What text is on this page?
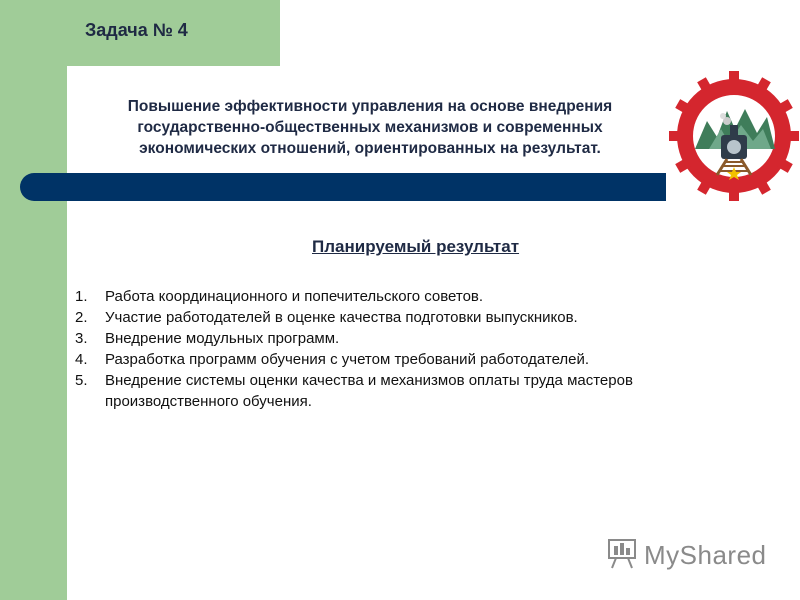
Задача № 4
Повышение эффективности управления на основе внедрения государственно-общественных механизмов и современных экономических отношений, ориентированных на результат.
Планируемый результат
1.	Работа координационного и попечительского советов.
2.	Участие работодателей в оценке качества подготовки выпускников.
3.	Внедрение модульных программ.
4.	Разработка программ обучения с учетом требований работодателей.
5.	Внедрение системы оценки качества и механизмов оплаты труда мастеров производственного обучения.
MyShared
